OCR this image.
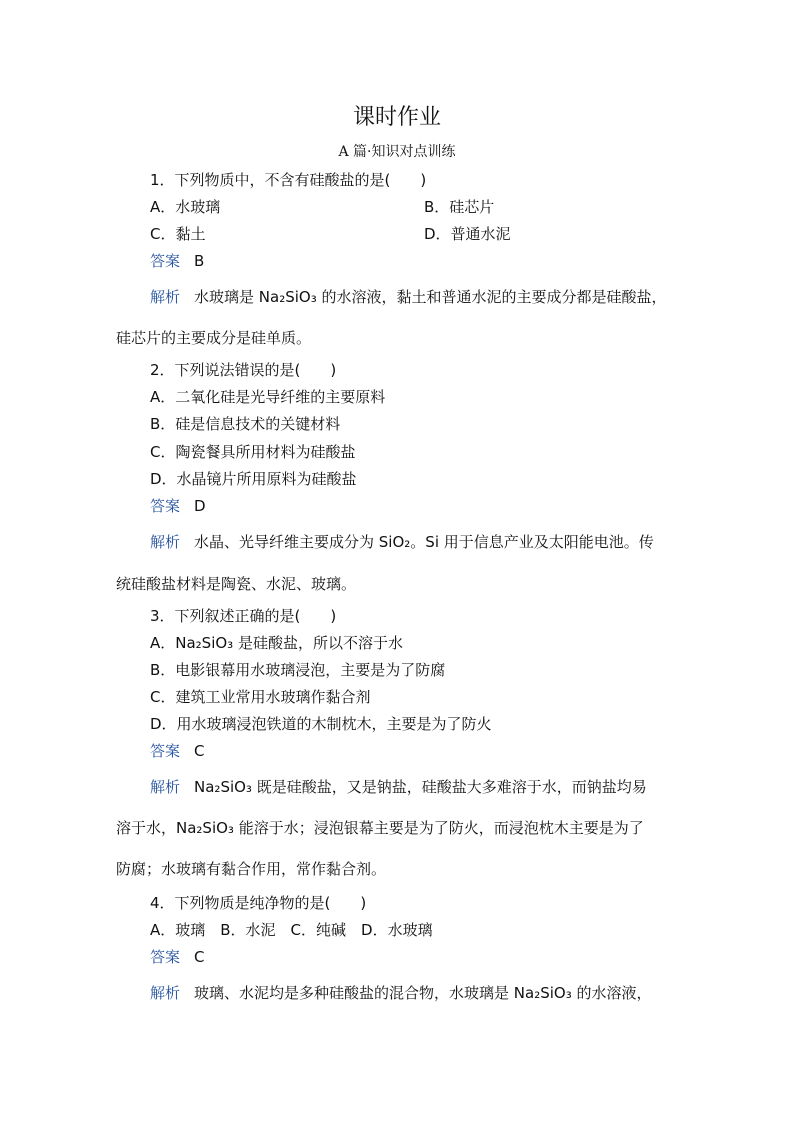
课时作业
A 篇·知识对点训练
1．下列物质中，不含有硅酸盐的是(　　)
A．水玻璃	B．硅芯片
C．黏土	D．普通水泥
答案 B
解析 水玻璃是 Na₂SiO₃ 的水溶液，黏土和普通水泥的主要成分都是硅酸盐，
硅芯片的主要成分是硅单质。
2．下列说法错误的是(　　)
A．二氧化硅是光导纤维的主要原料
B．硅是信息技术的关键材料
C．陶瓷餐具所用材料为硅酸盐
D．水晶镜片所用原料为硅酸盐
答案 D
解析 水晶、光导纤维主要成分为 SiO₂。Si 用于信息产业及太阳能电池。传
统硅酸盐材料是陶瓷、水泥、玻璃。
3．下列叙述正确的是(　　)
A．Na₂SiO₃ 是硅酸盐，所以不溶于水
B．电影银幕用水玻璃浸泡，主要是为了防腐
C．建筑工业常用水玻璃作黏合剂
D．用水玻璃浸泡铁道的木制枕木，主要是为了防火
答案 C
解析 Na₂SiO₃ 既是硅酸盐，又是钠盐，硅酸盐大多难溶于水，而钠盐均易
溶于水，Na₂SiO₃ 能溶于水；浸泡银幕主要是为了防火，而浸泡枕木主要是为了
防腐；水玻璃有黏合作用，常作黏合剂。
4．下列物质是纯净物的是(　　)
A．玻璃　B．水泥　C．纯碱　D．水玻璃
答案 C
解析 玻璃、水泥均是多种硅酸盐的混合物，水玻璃是 Na₂SiO₃ 的水溶液，
